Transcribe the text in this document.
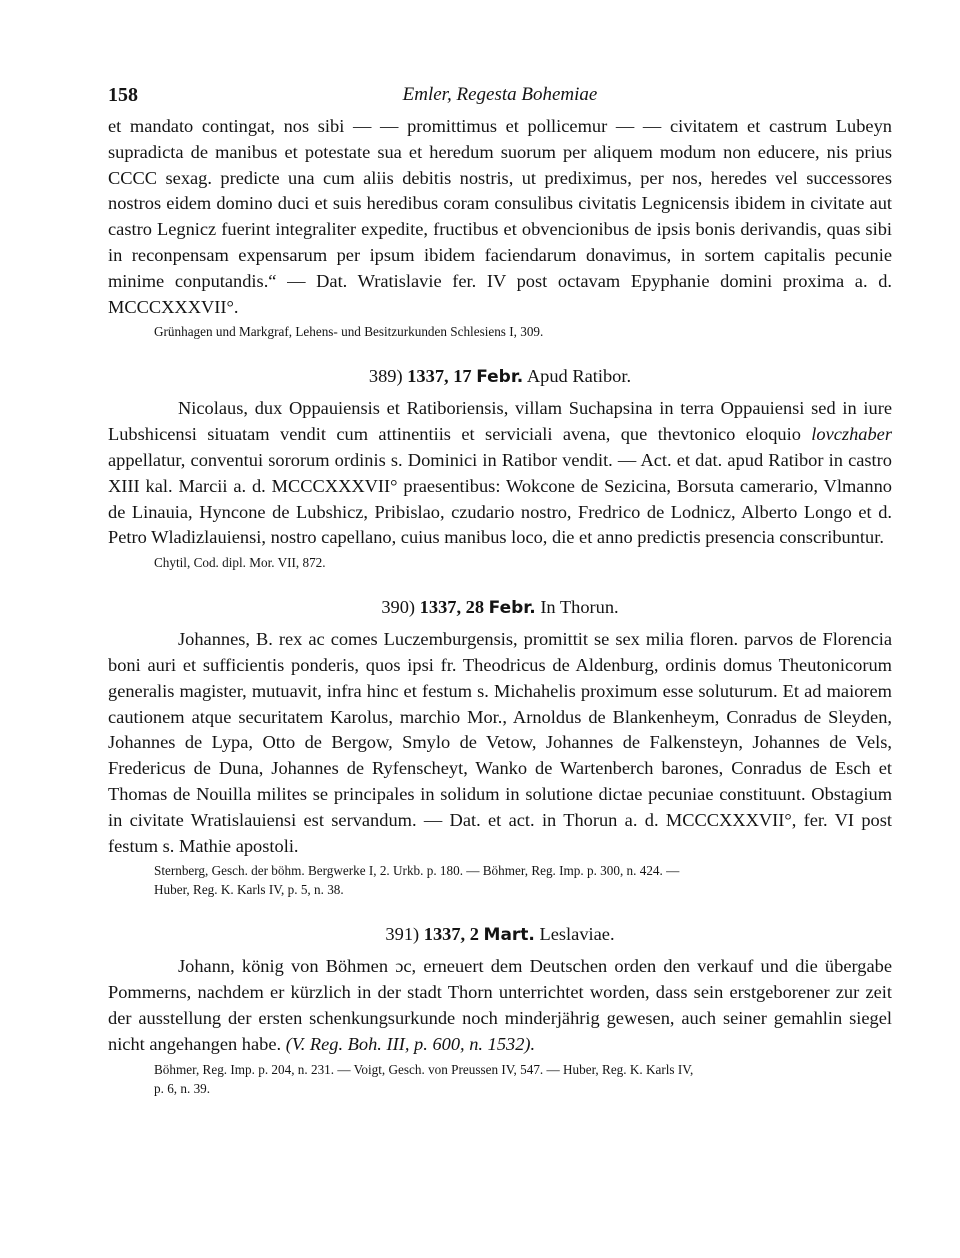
158	Emler, Regesta Bohemiae

et mandato contingat, nos sibi — — promittimus et pollicemur — — civitatem et castrum Lubeyn supradicta de manibus et potestate sua et heredum suorum per aliquem modum non educere, nis prius CCCC sexag. predicte una cum aliis debitis nostris, ut prediximus, per nos, heredes vel successores nostros eidem domino duci et suis heredibus coram consulibus civitatis Legnicensis ibidem in civitate aut castro Legnicz fuerint integraliter expedite, fructibus et obvencionibus de ipsis bonis derivandis, quas sibi in reconpensam expensarum per ipsum ibidem faciendarum donavimus, in sortem capitalis pecunie minime conputandis.“ — Dat. Wratislavie fer. IV post octavam Epyphanie domini proxima a. d. MCCCXXXVII°.

Grünhagen und Markgraf, Lehens- und Besitzurkunden Schlesiens I, 309.

389) 1337, 17 Febr. Apud Ratibor.

Nicolaus, dux Oppauiensis et Ratiboriensis, villam Suchapsina in terra Oppauiensi sed in iure Lubshicensi situatam vendit cum attinentiis et serviciali avena, que thevtonico eloquio lovczhaber appellatur, conventui sororum ordinis s. Dominici in Ratibor vendit. — Act. et dat. apud Ratibor in castro XIII kal. Marcii a. d. MCCCXXXVII° praesentibus: Wokcone de Sezicina, Borsuta camerario, Vlmanno de Linauia, Hyncone de Lubshicz, Pribislao, czudario nostro, Fredrico de Lodnicz, Alberto Longo et d. Petro Wladizlauiensi, nostro capellano, cuius manibus loco, die et anno predictis presencia conscribuntur.

Chytil, Cod. dipl. Mor. VII, 872.

390) 1337, 28 Febr. In Thorun.

Johannes, B. rex ac comes Luczemburgensis, promittit se sex milia floren. parvos de Florencia boni auri et sufficientis ponderis, quos ipsi fr. Theodricus de Aldenburg, ordinis domus Theutonicorum generalis magister, mutuavit, infra hinc et festum s. Michahelis proximum esse soluturum. Et ad maiorem cautionem atque securitatem Karolus, marchio Mor., Arnoldus de Blankenheym, Conradus de Sleyden, Johannes de Lypa, Otto de Bergow, Smylo de Vetow, Johannes de Falkensteyn, Johannes de Vels, Fredericus de Duna, Johannes de Ryfenscheyt, Wanko de Wartenberch barones, Conradus de Esch et Thomas de Nouilla milites se principales in solidum in solutione dictae pecuniae constituunt. Obstagium in civitate Wratislauiensi est servandum. — Dat. et act. in Thorun a. d. MCCCXXXVII°, fer. VI post festum s. Mathie apostoli.

Sternberg, Gesch. der böhm. Bergwerke I, 2. Urkb. p. 180. — Böhmer, Reg. Imp. p. 300, n. 424. —
Huber, Reg. K. Karls IV, p. 5, n. 38.

391) 1337, 2 Mart. Leslaviae.

Johann, könig von Böhmen ɔc, erneuert dem Deutschen orden den verkauf und die übergabe Pommerns, nachdem er kürzlich in der stadt Thorn unterrichtet worden, dass sein erstgeborener zur zeit der ausstellung der ersten schenkungsurkunde noch minderjährig gewesen, auch seiner gemahlin siegel nicht angehangen habe. (V. Reg. Boh. III, p. 600, n. 1532).

Böhmer, Reg. Imp. p. 204, n. 231. — Voigt, Gesch. von Preussen IV, 547. — Huber, Reg. K. Karls IV,
p. 6, n. 39.
